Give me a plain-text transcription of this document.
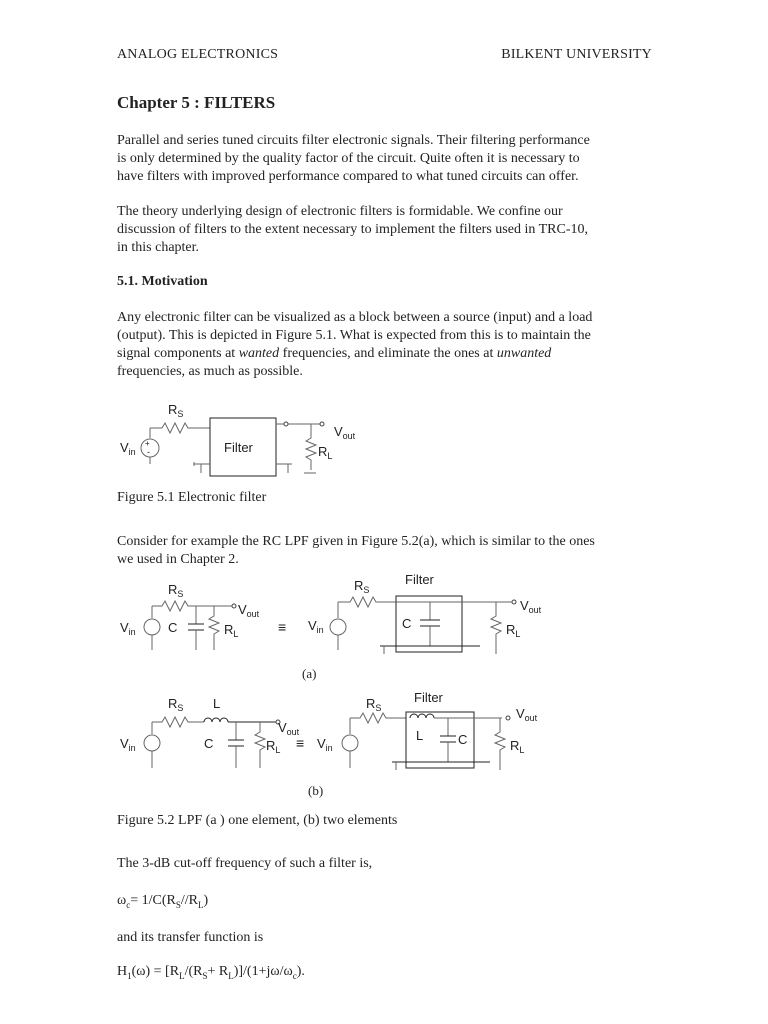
ANALOG ELECTRONICS	BILKENT UNIVERSITY
Chapter 5 : FILTERS
Parallel and series tuned circuits filter electronic signals. Their filtering performance
is only determined by the quality factor of the circuit. Quite often it is necessary to
have filters with improved performance compared to what tuned circuits can offer.
The theory underlying design of electronic filters is formidable. We confine our
discussion of filters to the extent necessary to implement the filters used in TRC-10,
in this chapter.
5.1. Motivation
Any electronic filter can be visualized as a block between a source (input) and a load
(output). This is depicted in Figure 5.1. What is expected from this is to maintain the
signal components at wanted frequencies, and eliminate the ones at unwanted
frequencies, as much as possible.
$R_S$
+
-
$V_{in}$	Filter
$V_{out}$
$R_L$
Figure 5.1 Electronic filter
Consider for example the RC LPF given in Figure 5.2(a), which is similar to the ones
we used in Chapter 2.
$R_S$
$V_{in}$ C	$R_L$
$V_{out}$
≡
$R_S$
Filter
$V_{in}$	C	$R_L$
$V_{out}$
(a)
$R_S$ L
$V_{in}$	C	$R_L$
$V_{out}$
≡
$R_S$
Filter
$V_{in}$
L	C	$R_L$
$V_{out}$
(b)
Figure 5.2 LPF (a ) one element, (b) two elements
The 3-dB cut-off frequency of such a filter is,
$\omega_c= 1/C(R_S//R_L)$
and its transfer function is
$H_1(\omega) = [R_L/(R_S+ R_L)]/(1+j\omega/\omega_c)$.
